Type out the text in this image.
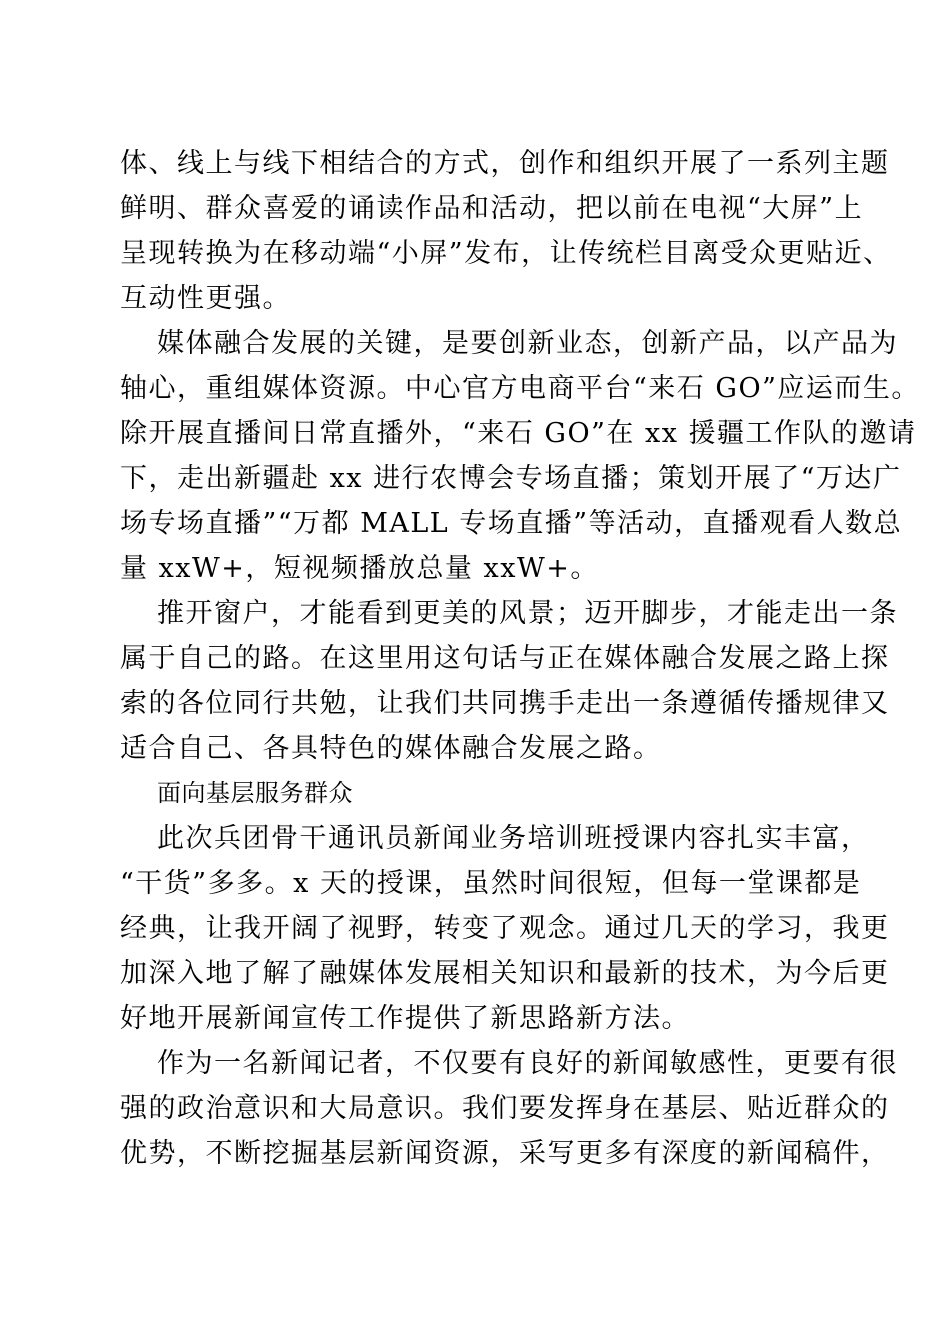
体、线上与线下相结合的方式，创作和组织开展了一系列主题
鲜明、群众喜爱的诵读作品和活动，把以前在电视“大屏”上
呈现转换为在移动端“小屏”发布，让传统栏目离受众更贴近、
互动性更强。
媒体融合发展的关键，是要创新业态，创新产品，以产品为
轴心，重组媒体资源。中心官方电商平台“来石 GO”应运而生。
除开展直播间日常直播外，“来石 GO”在 xx 援疆工作队的邀请
下，走出新疆赴 xx 进行农博会专场直播；策划开展了“万达广
场专场直播”“万都 MALL 专场直播”等活动，直播观看人数总
量 xxW+，短视频播放总量 xxW+。
推开窗户，才能看到更美的风景；迈开脚步，才能走出一条
属于自己的路。在这里用这句话与正在媒体融合发展之路上探
索的各位同行共勉，让我们共同携手走出一条遵循传播规律又
适合自己、各具特色的媒体融合发展之路。
面向基层服务群众
此次兵团骨干通讯员新闻业务培训班授课内容扎实丰富，
“干货”多多。x 天的授课，虽然时间很短，但每一堂课都是
经典，让我开阔了视野，转变了观念。通过几天的学习，我更
加深入地了解了融媒体发展相关知识和最新的技术，为今后更
好地开展新闻宣传工作提供了新思路新方法。
作为一名新闻记者，不仅要有良好的新闻敏感性，更要有很
强的政治意识和大局意识。我们要发挥身在基层、贴近群众的
优势，不断挖掘基层新闻资源，采写更多有深度的新闻稿件，
